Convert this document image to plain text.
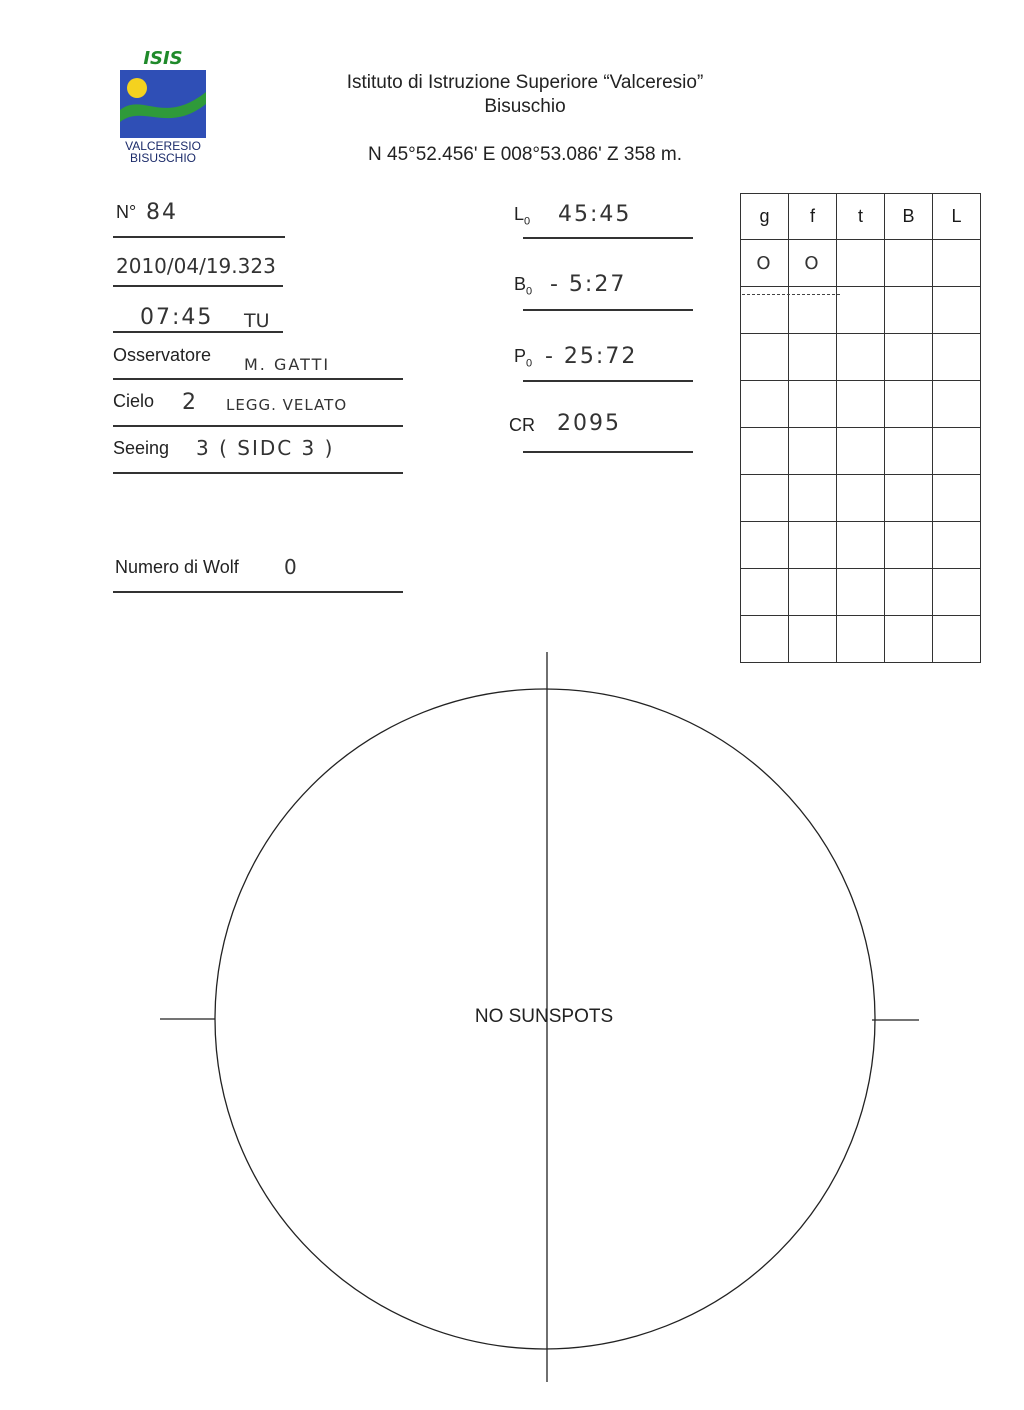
ISIS
VALCERESIO
BISUSCHIO
Istituto di Istruzione Superiore “Valceresio”
Bisuschio
N 45°52.456' E 008°53.086' Z 358 m.
N° 84
2010/04/19.323
07:45 TU
Osservatore M. GATTI
Cielo 2 LEGG. VELATO
Seeing 3 ( SIDC 3 )
Numero di Wolf 0
$L_0$ 45:45
$B_0$ - 5:27
$P_0$ - 25:72
CR 2095
g	f	t	B	L
O	O			

NO SUNSPOTS
